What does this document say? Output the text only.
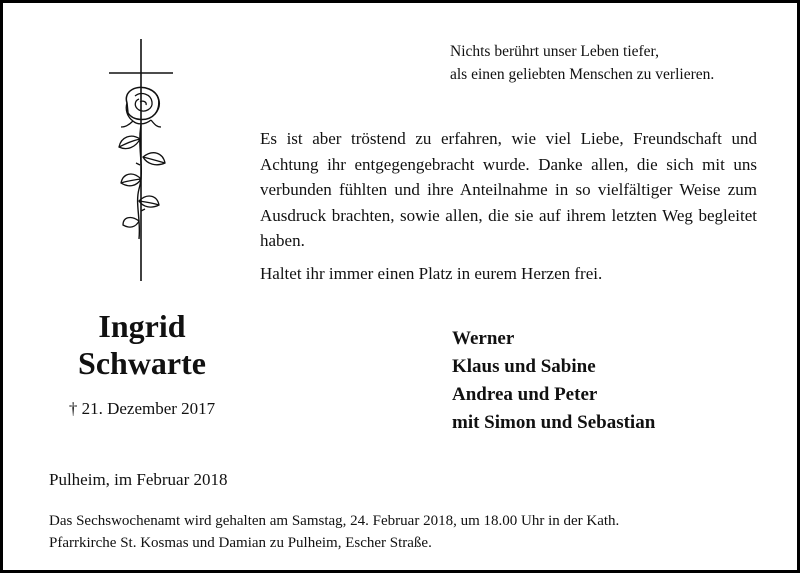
Nichts berührt unser Leben tiefer,
als einen geliebten Menschen zu verlieren.
Es ist aber tröstend zu erfahren, wie viel Liebe, Freundschaft und Achtung ihr entgegengebracht wurde. Danke allen, die sich mit uns verbunden fühlten und ihre Anteilnahme in so vielfältiger Weise zum Ausdruck brachten, sowie allen, die sie auf ihrem letzten Weg begleitet haben.
Haltet ihr immer einen Platz in eurem Herzen frei.
Ingrid
Schwarte
† 21. Dezember 2017
Werner
Klaus und Sabine
Andrea und Peter
mit Simon und Sebastian
Pulheim, im Februar 2018
Das Sechswochenamt wird gehalten am Samstag, 24. Februar 2018, um 18.00 Uhr in der Kath.
Pfarrkirche St. Kosmas und Damian zu Pulheim, Escher Straße.
